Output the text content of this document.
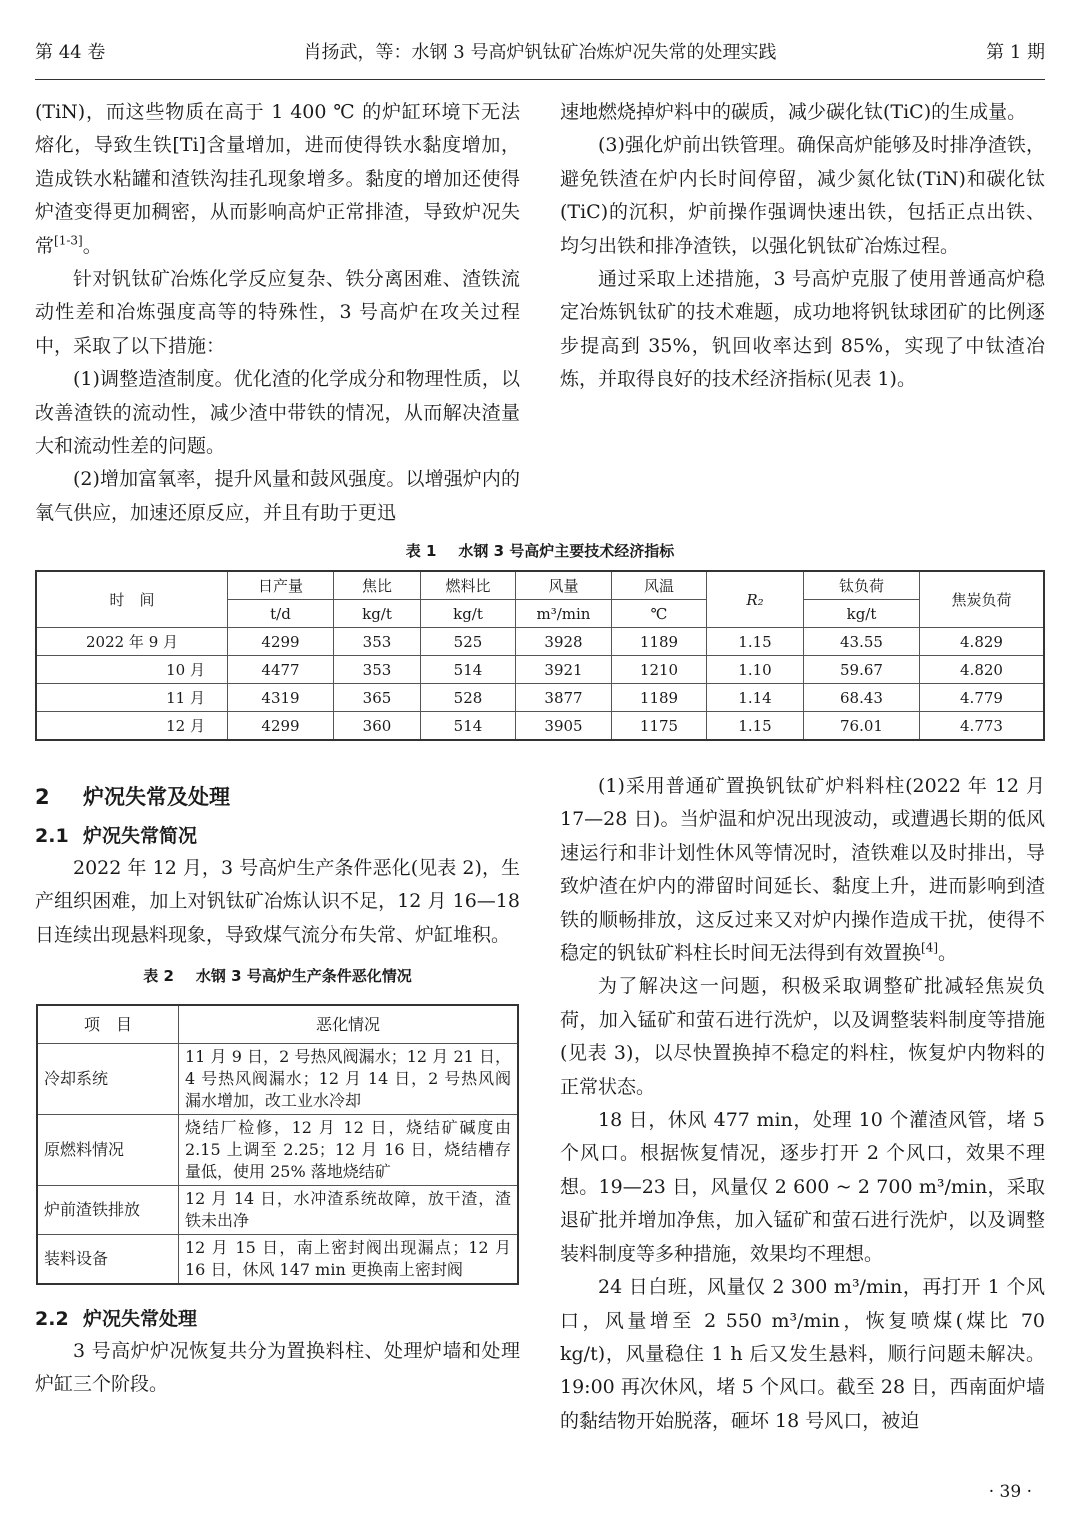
第 44 卷	肖扬武，等：水钢 3 号高炉钒钛矿冶炼炉况失常的处理实践	第 1 期

(TiN)，而这些物质在高于 1 400 ℃ 的炉缸环境下无法熔化，导致生铁[Ti]含量增加，进而使得铁水黏度增加，造成铁水粘罐和渣铁沟挂孔现象增多。黏度的增加还使得炉渣变得更加稠密，从而影响高炉正常排渣，导致炉况失常[1-3]。

针对钒钛矿冶炼化学反应复杂、铁分离困难、渣铁流动性差和冶炼强度高等的特殊性，3 号高炉在攻关过程中，采取了以下措施：

(1)调整造渣制度。优化渣的化学成分和物理性质，以改善渣铁的流动性，减少渣中带铁的情况，从而解决渣量大和流动性差的问题。

(2)增加富氧率，提升风量和鼓风强度。以增强炉内的氧气供应，加速还原反应，并且有助于更迅

速地燃烧掉炉料中的碳质，减少碳化钛(TiC)的生成量。

(3)强化炉前出铁管理。确保高炉能够及时排净渣铁，避免铁渣在炉内长时间停留，减少氮化钛(TiN)和碳化钛(TiC)的沉积，炉前操作强调快速出铁，包括正点出铁、均匀出铁和排净渣铁，以强化钒钛矿冶炼过程。

通过采取上述措施，3 号高炉克服了使用普通高炉稳定冶炼钒钛矿的技术难题，成功地将钒钛球团矿的比例逐步提高到 35%，钒回收率达到 85%，实现了中钛渣冶炼，并取得良好的技术经济指标(见表 1)。

表 1 水钢 3 号高炉主要技术经济指标
时　间	日产量	焦比	燃料比	风量	风温	R₂	钛负荷	焦炭负荷
	t/d	kg/t	kg/t	m³/min	℃		kg/t	
2022 年 9 月	4299	353	525	3928	1189	1.15	43.55	4.829
10 月	4477	353	514	3921	1210	1.10	59.67	4.820
11 月	4319	365	528	3877	1189	1.14	68.43	4.779
12 月	4299	360	514	3905	1175	1.15	76.01	4.773
2 炉况失常及处理
2.1 炉况失常简况

2022 年 12 月，3 号高炉生产条件恶化(见表 2)，生产组织困难，加上对钒钛矿冶炼认识不足，12 月 16—18 日连续出现悬料现象，导致煤气流分布失常、炉缸堆积。

表 2 水钢 3 号高炉生产条件恶化情况
项　目	恶化情况
冷却系统	11 月 9 日，2 号热风阀漏水；12 月 21 日，4 号热风阀漏水；12 月 14 日，2 号热风阀漏水增加，改工业水冷却
原燃料情况	烧结厂检修，12 月 12 日，烧结矿碱度由 2.15 上调至 2.25；12 月 16 日，烧结槽存量低，使用 25% 落地烧结矿
炉前渣铁排放	12 月 14 日，水冲渣系统故障，放干渣，渣铁未出净
装料设备	12 月 15 日，南上密封阀出现漏点；12 月 16 日，休风 147 min 更换南上密封阀
2.2 炉况失常处理

3 号高炉炉况恢复共分为置换料柱、处理炉墙和处理炉缸三个阶段。

(1)采用普通矿置换钒钛矿炉料料柱(2022 年 12 月 17—28 日)。当炉温和炉况出现波动，或遭遇长期的低风速运行和非计划性休风等情况时，渣铁难以及时排出，导致炉渣在炉内的滞留时间延长、黏度上升，进而影响到渣铁的顺畅排放，这反过来又对炉内操作造成干扰，使得不稳定的钒钛矿料柱长时间无法得到有效置换[4]。

为了解决这一问题，积极采取调整矿批减轻焦炭负荷，加入锰矿和萤石进行洗炉，以及调整装料制度等措施(见表 3)，以尽快置换掉不稳定的料柱，恢复炉内物料的正常状态。

18 日，休风 477 min，处理 10 个灌渣风管，堵 5 个风口。根据恢复情况，逐步打开 2 个风口，效果不理想。19—23 日，风量仅 2 600 ~ 2 700 m³/min，采取退矿批并增加净焦，加入锰矿和萤石进行洗炉，以及调整装料制度等多种措施，效果均不理想。

24 日白班，风量仅 2 300 m³/min，再打开 1 个风口，风量增至 2 550 m³/min，恢复喷煤(煤比 70 kg/t)，风量稳住 1 h 后又发生悬料，顺行问题未解决。19:00 再次休风，堵 5 个风口。截至 28 日，西南面炉墙的黏结物开始脱落，砸坏 18 号风口，被迫

· 39 ·
